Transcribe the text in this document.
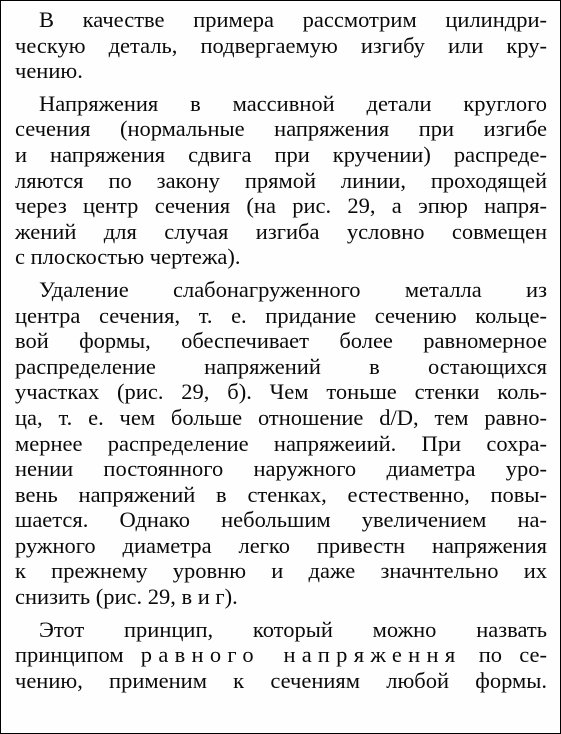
В качестве примера рассмотрим цилиндри-
ческую деталь, подвергаемую изгибу или кру-
чению.

Напряжения в массивной детали круглого
сечения (нормальные напряжения при изгибе
и напряжения сдвига при кручении) распреде-
ляются по закону прямой линии, проходящей
через центр сечения (на рис. 29, а эпюр напря-
жений для случая изгиба условно совмещен
с плоскостью чертежа).

Удаление слабонагруженного металла из
центра сечения, т. е. придание сечению кольце-
вой формы, обеспечивает более равномерное
распределение напряжений в остающихся
участках (рис. 29, б). Чем тоньше стенки коль-
ца, т. е. чем больше отношение d/D, тем равно-
мернее распределение напряжеиий. При сохра-
нении постоянного наружного диаметра уро-
вень напряжений в стенках, естественно, повы-
шается. Однако небольшим увеличением на-
ружного диаметра легко привестн напряжения
к прежнему уровню и даже значнтельно их
снизить (рис. 29, в и г).

Этот принцип, который можно назвать
принципом равного напряження по се-
чению, применим к сечениям любой формы.
